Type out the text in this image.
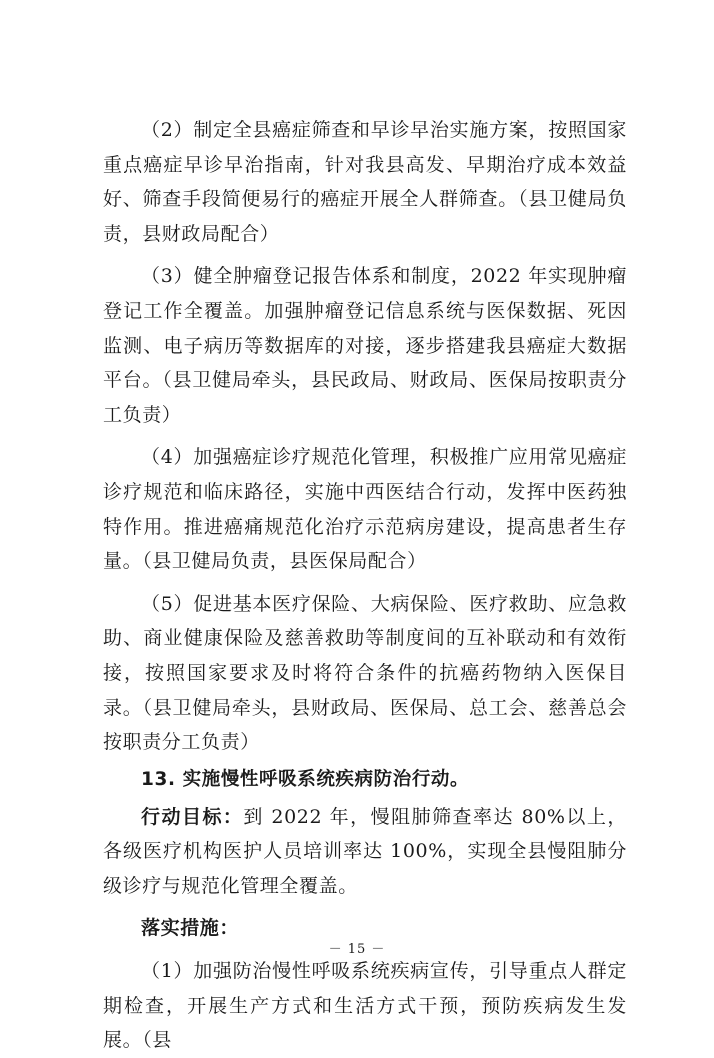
（2）制定全县癌症筛查和早诊早治实施方案，按照国家重点癌症早诊早治指南，针对我县高发、早期治疗成本效益好、筛查手段简便易行的癌症开展全人群筛查。（县卫健局负责，县财政局配合）

（3）健全肿瘤登记报告体系和制度，2022 年实现肿瘤登记工作全覆盖。加强肿瘤登记信息系统与医保数据、死因监测、电子病历等数据库的对接，逐步搭建我县癌症大数据平台。（县卫健局牵头，县民政局、财政局、医保局按职责分工负责）

（4）加强癌症诊疗规范化管理，积极推广应用常见癌症诊疗规范和临床路径，实施中西医结合行动，发挥中医药独特作用。推进癌痛规范化治疗示范病房建设，提高患者生存量。（县卫健局负责，县医保局配合）

（5）促进基本医疗保险、大病保险、医疗救助、应急救助、商业健康保险及慈善救助等制度间的互补联动和有效衔接，按照国家要求及时将符合条件的抗癌药物纳入医保目录。（县卫健局牵头，县财政局、医保局、总工会、慈善总会按职责分工负责）

13. 实施慢性呼吸系统疾病防治行动。

行动目标：到 2022 年，慢阻肺筛查率达 80%以上，各级医疗机构医护人员培训率达 100%，实现全县慢阻肺分级诊疗与规范化管理全覆盖。

落实措施：

（1）加强防治慢性呼吸系统疾病宣传，引导重点人群定期检查，开展生产方式和生活方式干预，预防疾病发生发展。（县

－ 15 －
